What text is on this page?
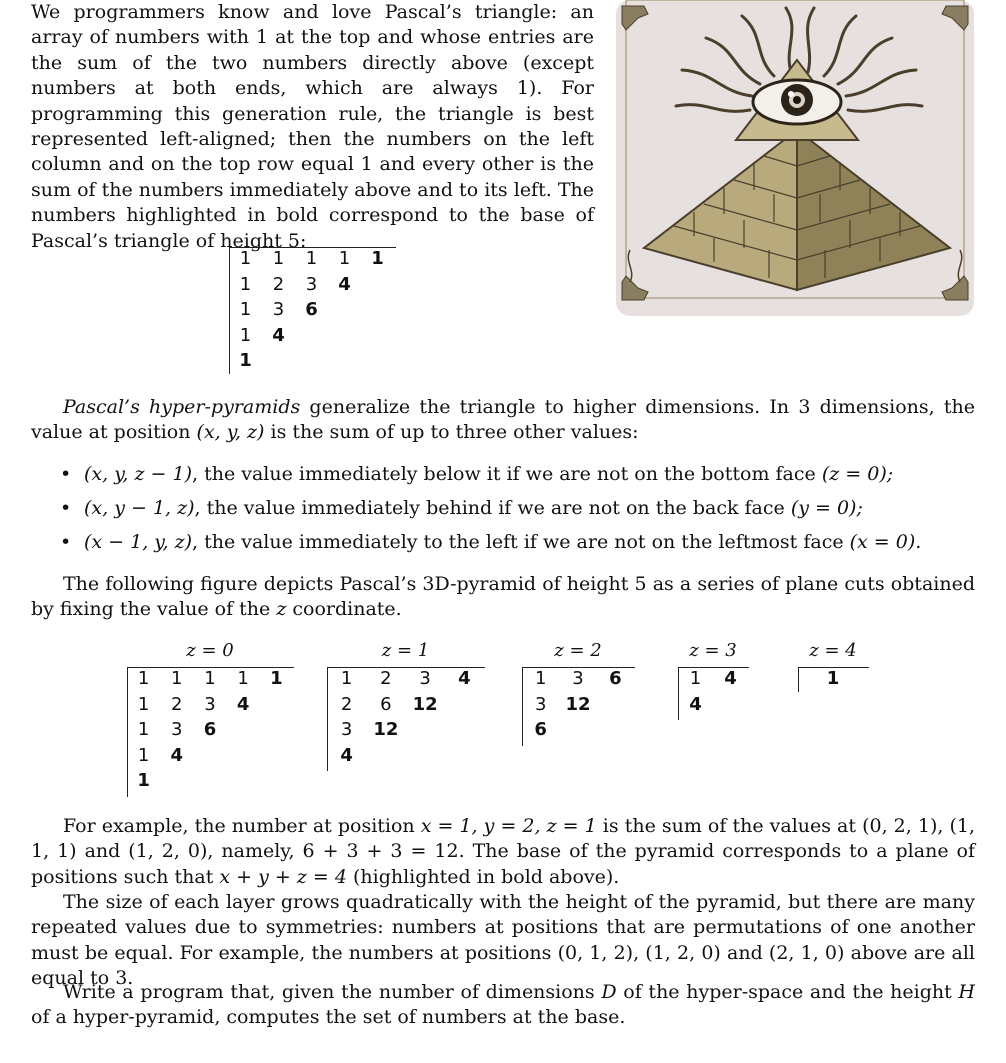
We programmers know and love Pascal’s triangle: an array of numbers with 1 at the top and whose entries are the sum of the two numbers directly above (except numbers at both ends, which are always 1). For programming this generation rule, the triangle is best represented left-aligned; then the numbers on the left column and on the top row equal 1 and every other is the sum of the numbers immediately above and to its left. The numbers highlighted in bold correspond to the base of Pascal’s triangle of height 5:

1	1	1	1	1
1	2	3	4	
1	3	6		
1	4			
1				

Pascal’s hyper-pyramids generalize the triangle to higher dimensions. In 3 dimensions, the value at position (x, y, z) is the sum of up to three other values:

• (x, y, z − 1), the value immediately below it if we are not on the bottom face (z = 0);
• (x, y − 1, z), the value immediately behind if we are not on the back face (y = 0);
• (x − 1, y, z), the value immediately to the left if we are not on the leftmost face (x = 0).

The following figure depicts Pascal’s 3D-pyramid of height 5 as a series of plane cuts obtained by fixing the value of the z coordinate.

z = 0
1	1	1	1	1
1	2	3	4	
1	3	6		
1	4			
1				
z = 1
1	2	3	4
2	6	12	
3	12		
4			
z = 2
1	3	6
3	12	
6		
z = 3
1	4
4	
z = 4
1

For example, the number at position x = 1, y = 2, z = 1 is the sum of the values at (0, 2, 1), (1, 1, 1) and (1, 2, 0), namely, 6 + 3 + 3 = 12. The base of the pyramid corresponds to a plane of positions such that x + y + z = 4 (highlighted in bold above).

The size of each layer grows quadratically with the height of the pyramid, but there are many repeated values due to symmetries: numbers at positions that are permutations of one another must be equal. For example, the numbers at positions (0, 1, 2), (1, 2, 0) and (2, 1, 0) above are all equal to 3.

Write a program that, given the number of dimensions D of the hyper-space and the height H of a hyper-pyramid, computes the set of numbers at the base.
